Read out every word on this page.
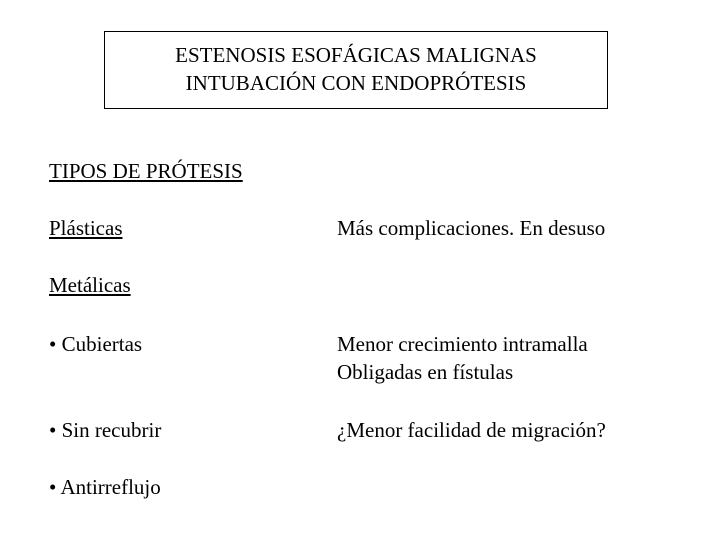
ESTENOSIS ESOFÁGICAS MALIGNAS
INTUBACIÓN CON ENDOPRÓTESIS
TIPOS DE PRÓTESIS
Plásticas	Más complicaciones. En desuso
Metálicas
• Cubiertas	Menor crecimiento intramalla
Obligadas en fístulas
• Sin recubrir	¿Menor facilidad de migración?
• Antirreflujo
